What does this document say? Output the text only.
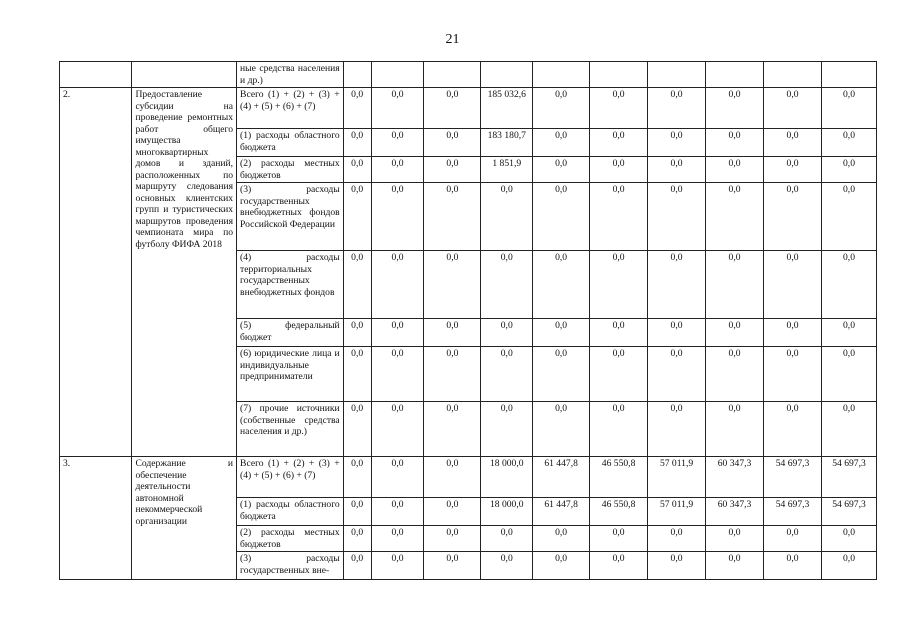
21
		ные средства населения и др.)										
2.	Предоставление субсидии на проведение ремонтных работ общего имущества многоквартирных домов и зданий, расположенных по маршруту следования основных клиентских групп и туристических маршрутов проведения чемпионата мира по футболу ФИФА 2018	Всего (1) + (2) + (3) + (4) + (5) + (6) + (7)	0,0	0,0	0,0	185 032,6	0,0	0,0	0,0	0,0	0,0	0,0
		(1) расходы областного бюджета	0,0	0,0	0,0	183 180,7	0,0	0,0	0,0	0,0	0,0	0,0
		(2) расходы местных бюджетов	0,0	0,0	0,0	1 851,9	0,0	0,0	0,0	0,0	0,0	0,0
		(3) расходы государственных внебюджетных фондов Российской Федерации	0,0	0,0	0,0	0,0	0,0	0,0	0,0	0,0	0,0	0,0
		(4) расходы территориальных государственных внебюджетных фондов	0,0	0,0	0,0	0,0	0,0	0,0	0,0	0,0	0,0	0,0
		(5) федеральный бюджет	0,0	0,0	0,0	0,0	0,0	0,0	0,0	0,0	0,0	0,0
		(6) юридические лица и индивидуальные предприниматели	0,0	0,0	0,0	0,0	0,0	0,0	0,0	0,0	0,0	0,0
		(7) прочие источники (собственные средства населения и др.)	0,0	0,0	0,0	0,0	0,0	0,0	0,0	0,0	0,0	0,0
3.	Содержание и обеспечение деятельности автономной некоммерческой организации	Всего (1) + (2) + (3) + (4) + (5) + (6) + (7)	0,0	0,0	0,0	18 000,0	61 447,8	46 550,8	57 011,9	60 347,3	54 697,3	54 697,3
		(1) расходы областного бюджета	0,0	0,0	0,0	18 000,0	61 447,8	46 550,8	57 011,9	60 347,3	54 697,3	54 697,3
		(2) расходы местных бюджетов	0,0	0,0	0,0	0,0	0,0	0,0	0,0	0,0	0,0	0,0
		(3) расходы государственных вне-	0,0	0,0	0,0	0,0	0,0	0,0	0,0	0,0	0,0	0,0
